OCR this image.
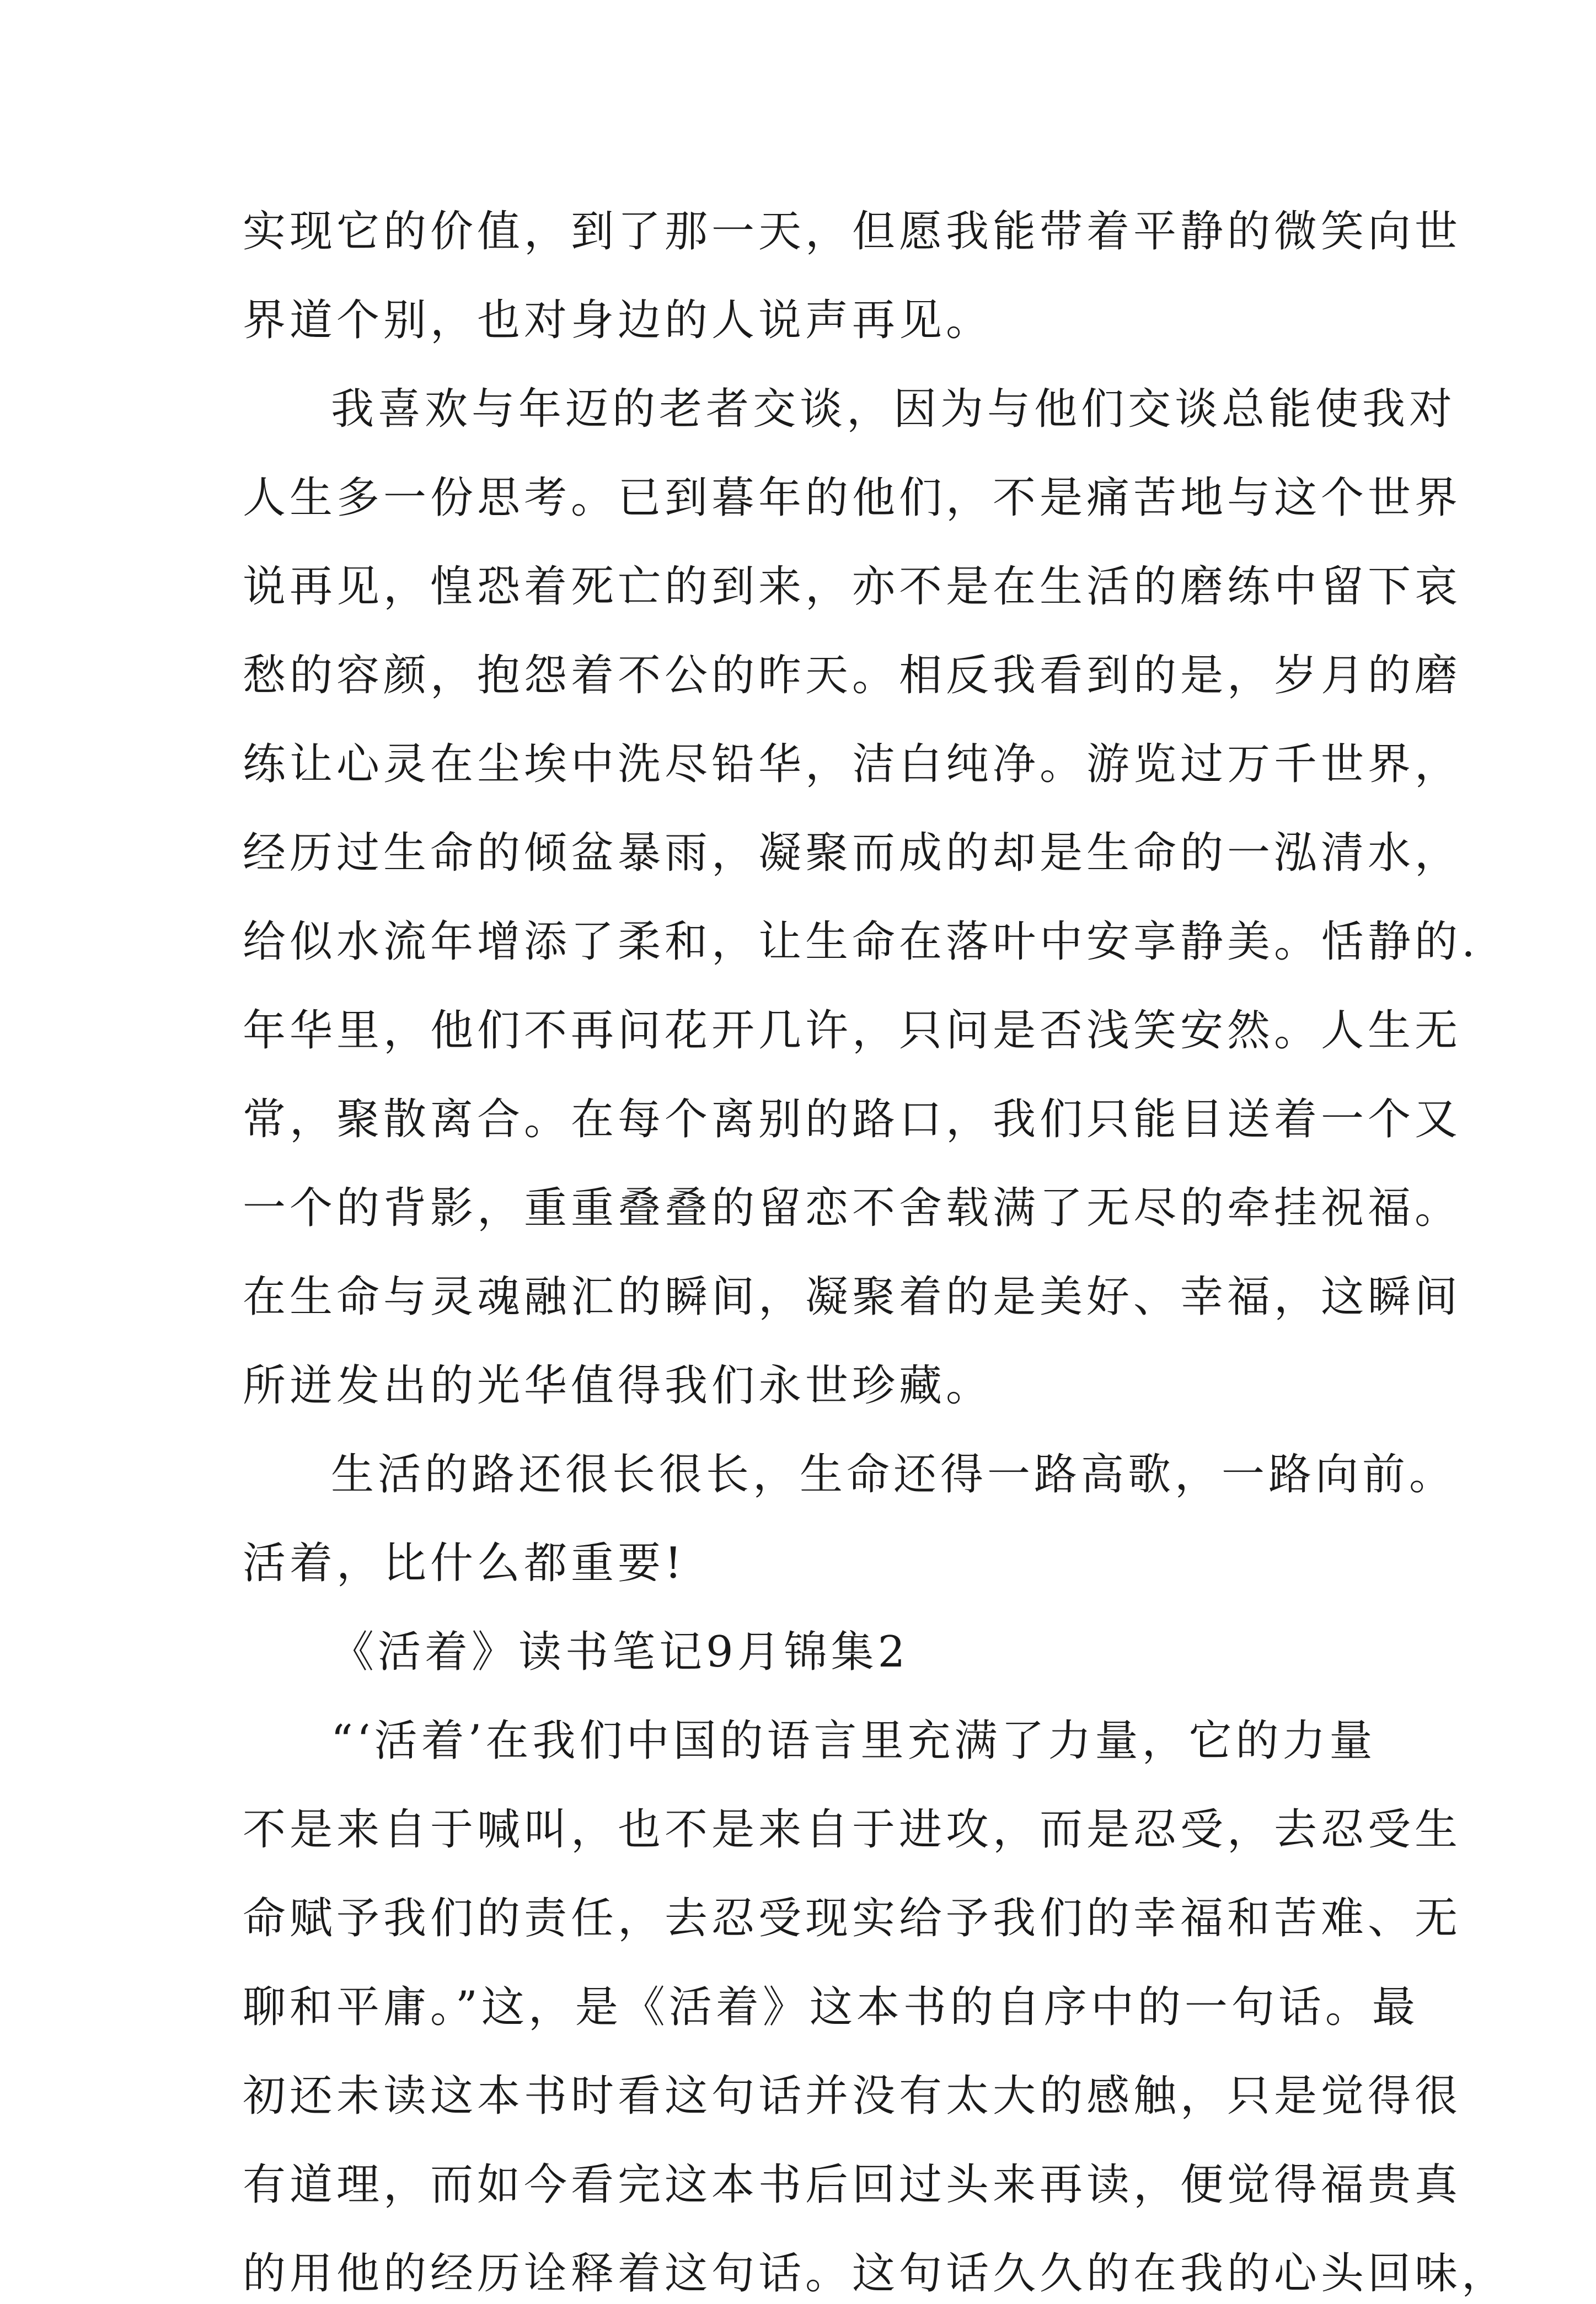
实现它的价值，到了那一天，但愿我能带着平静的微笑向世
界道个别，也对身边的人说声再见。
我喜欢与年迈的老者交谈，因为与他们交谈总能使我对
人生多一份思考。已到暮年的他们，不是痛苦地与这个世界
说再见，惶恐着死亡的到来，亦不是在生活的磨练中留下哀
愁的容颜，抱怨着不公的昨天。相反我看到的是，岁月的磨
练让心灵在尘埃中洗尽铅华，洁白纯净。游览过万千世界，
经历过生命的倾盆暴雨，凝聚而成的却是生命的一泓清水，
给似水流年增添了柔和，让生命在落叶中安享静美。恬静的.
年华里，他们不再问花开几许，只问是否浅笑安然。人生无
常，聚散离合。在每个离别的路口，我们只能目送着一个又
一个的背影，重重叠叠的留恋不舍载满了无尽的牵挂祝福。
在生命与灵魂融汇的瞬间，凝聚着的是美好、幸福，这瞬间
所迸发出的光华值得我们永世珍藏。
生活的路还很长很长，生命还得一路高歌，一路向前。
活着，比什么都重要!
《活着》读书笔记9月锦集2
“‘活着’在我们中国的语言里充满了力量，它的力量
不是来自于喊叫，也不是来自于进攻，而是忍受，去忍受生
命赋予我们的责任，去忍受现实给予我们的幸福和苦难、无
聊和平庸。”这，是《活着》这本书的自序中的一句话。最
初还未读这本书时看这句话并没有太大的感触，只是觉得很
有道理，而如今看完这本书后回过头来再读，便觉得福贵真
的用他的经历诠释着这句话。这句话久久的在我的心头回味，
